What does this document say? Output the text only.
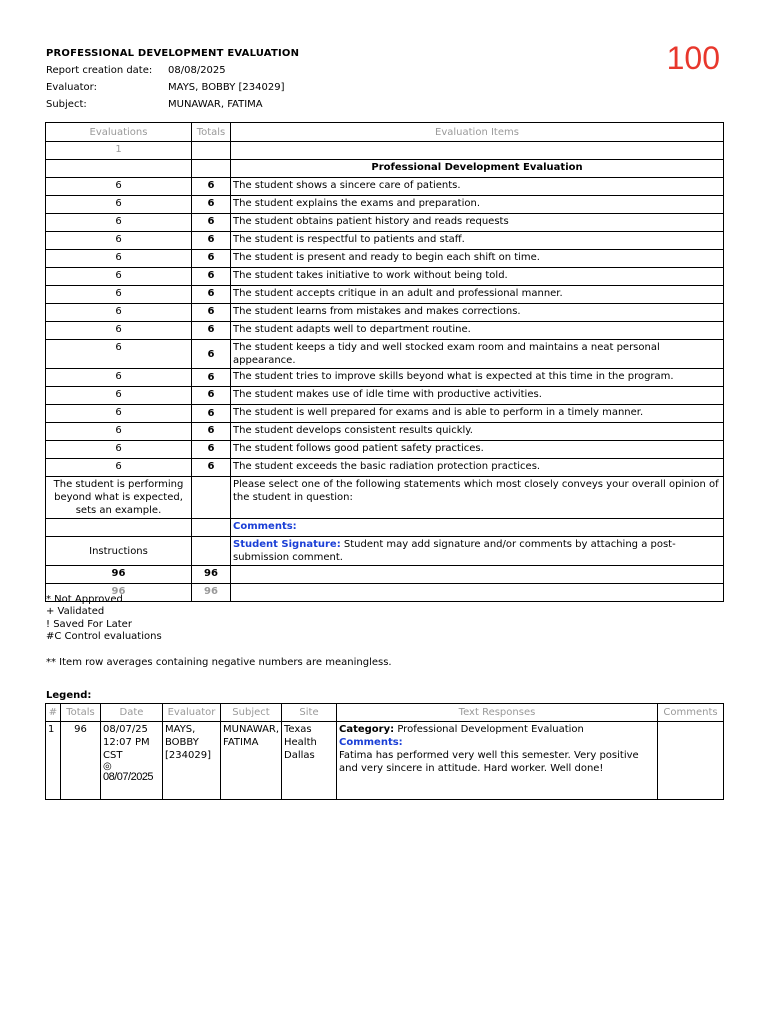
PROFESSIONAL DEVELOPMENT EVALUATION
Report creation date:	08/08/2025
Evaluator:	MAYS, BOBBY [234029]
Subject:	MUNAWAR, FATIMA
100
Evaluations	Totals	Evaluation Items
1		
		Professional Development Evaluation
6	6	The student shows a sincere care of patients.
6	6	The student explains the exams and preparation.
6	6	The student obtains patient history and reads requests
6	6	The student is respectful to patients and staff.
6	6	The student is present and ready to begin each shift on time.
6	6	The student takes initiative to work without being told.
6	6	The student accepts critique in an adult and professional manner.
6	6	The student learns from mistakes and makes corrections.
6	6	The student adapts well to department routine.
6	6	The student keeps a tidy and well stocked exam room and maintains a neat personal appearance.
6	6	The student tries to improve skills beyond what is expected at this time in the program.
6	6	The student makes use of idle time with productive activities.
6	6	The student is well prepared for exams and is able to perform in a timely manner.
6	6	The student develops consistent results quickly.
6	6	The student follows good patient safety practices.
6	6	The student exceeds the basic radiation protection practices.
The student is performing beyond what is expected, sets an example.		Please select one of the following statements which most closely conveys your overall opinion of the student in question:
		Comments:
Instructions		Student Signature: Student may add signature and/or comments by attaching a post-submission comment.
96	96	
96	96	
* Not Approved
+ Validated
! Saved For Later
#C Control evaluations
** Item row averages containing negative numbers are meaningless.
Legend:
#	Totals	Date	Evaluator	Subject	Site	Text Responses	Comments
1	96	08/07/25 12:07 PM CST
◎
08/07/2025	MAYS, BOBBY [234029]	MUNAWAR, FATIMA	Texas Health Dallas	Category: Professional Development Evaluation
Comments:
Fatima has performed very well this semester. Very positive and very sincere in attitude. Hard worker. Well done!	
